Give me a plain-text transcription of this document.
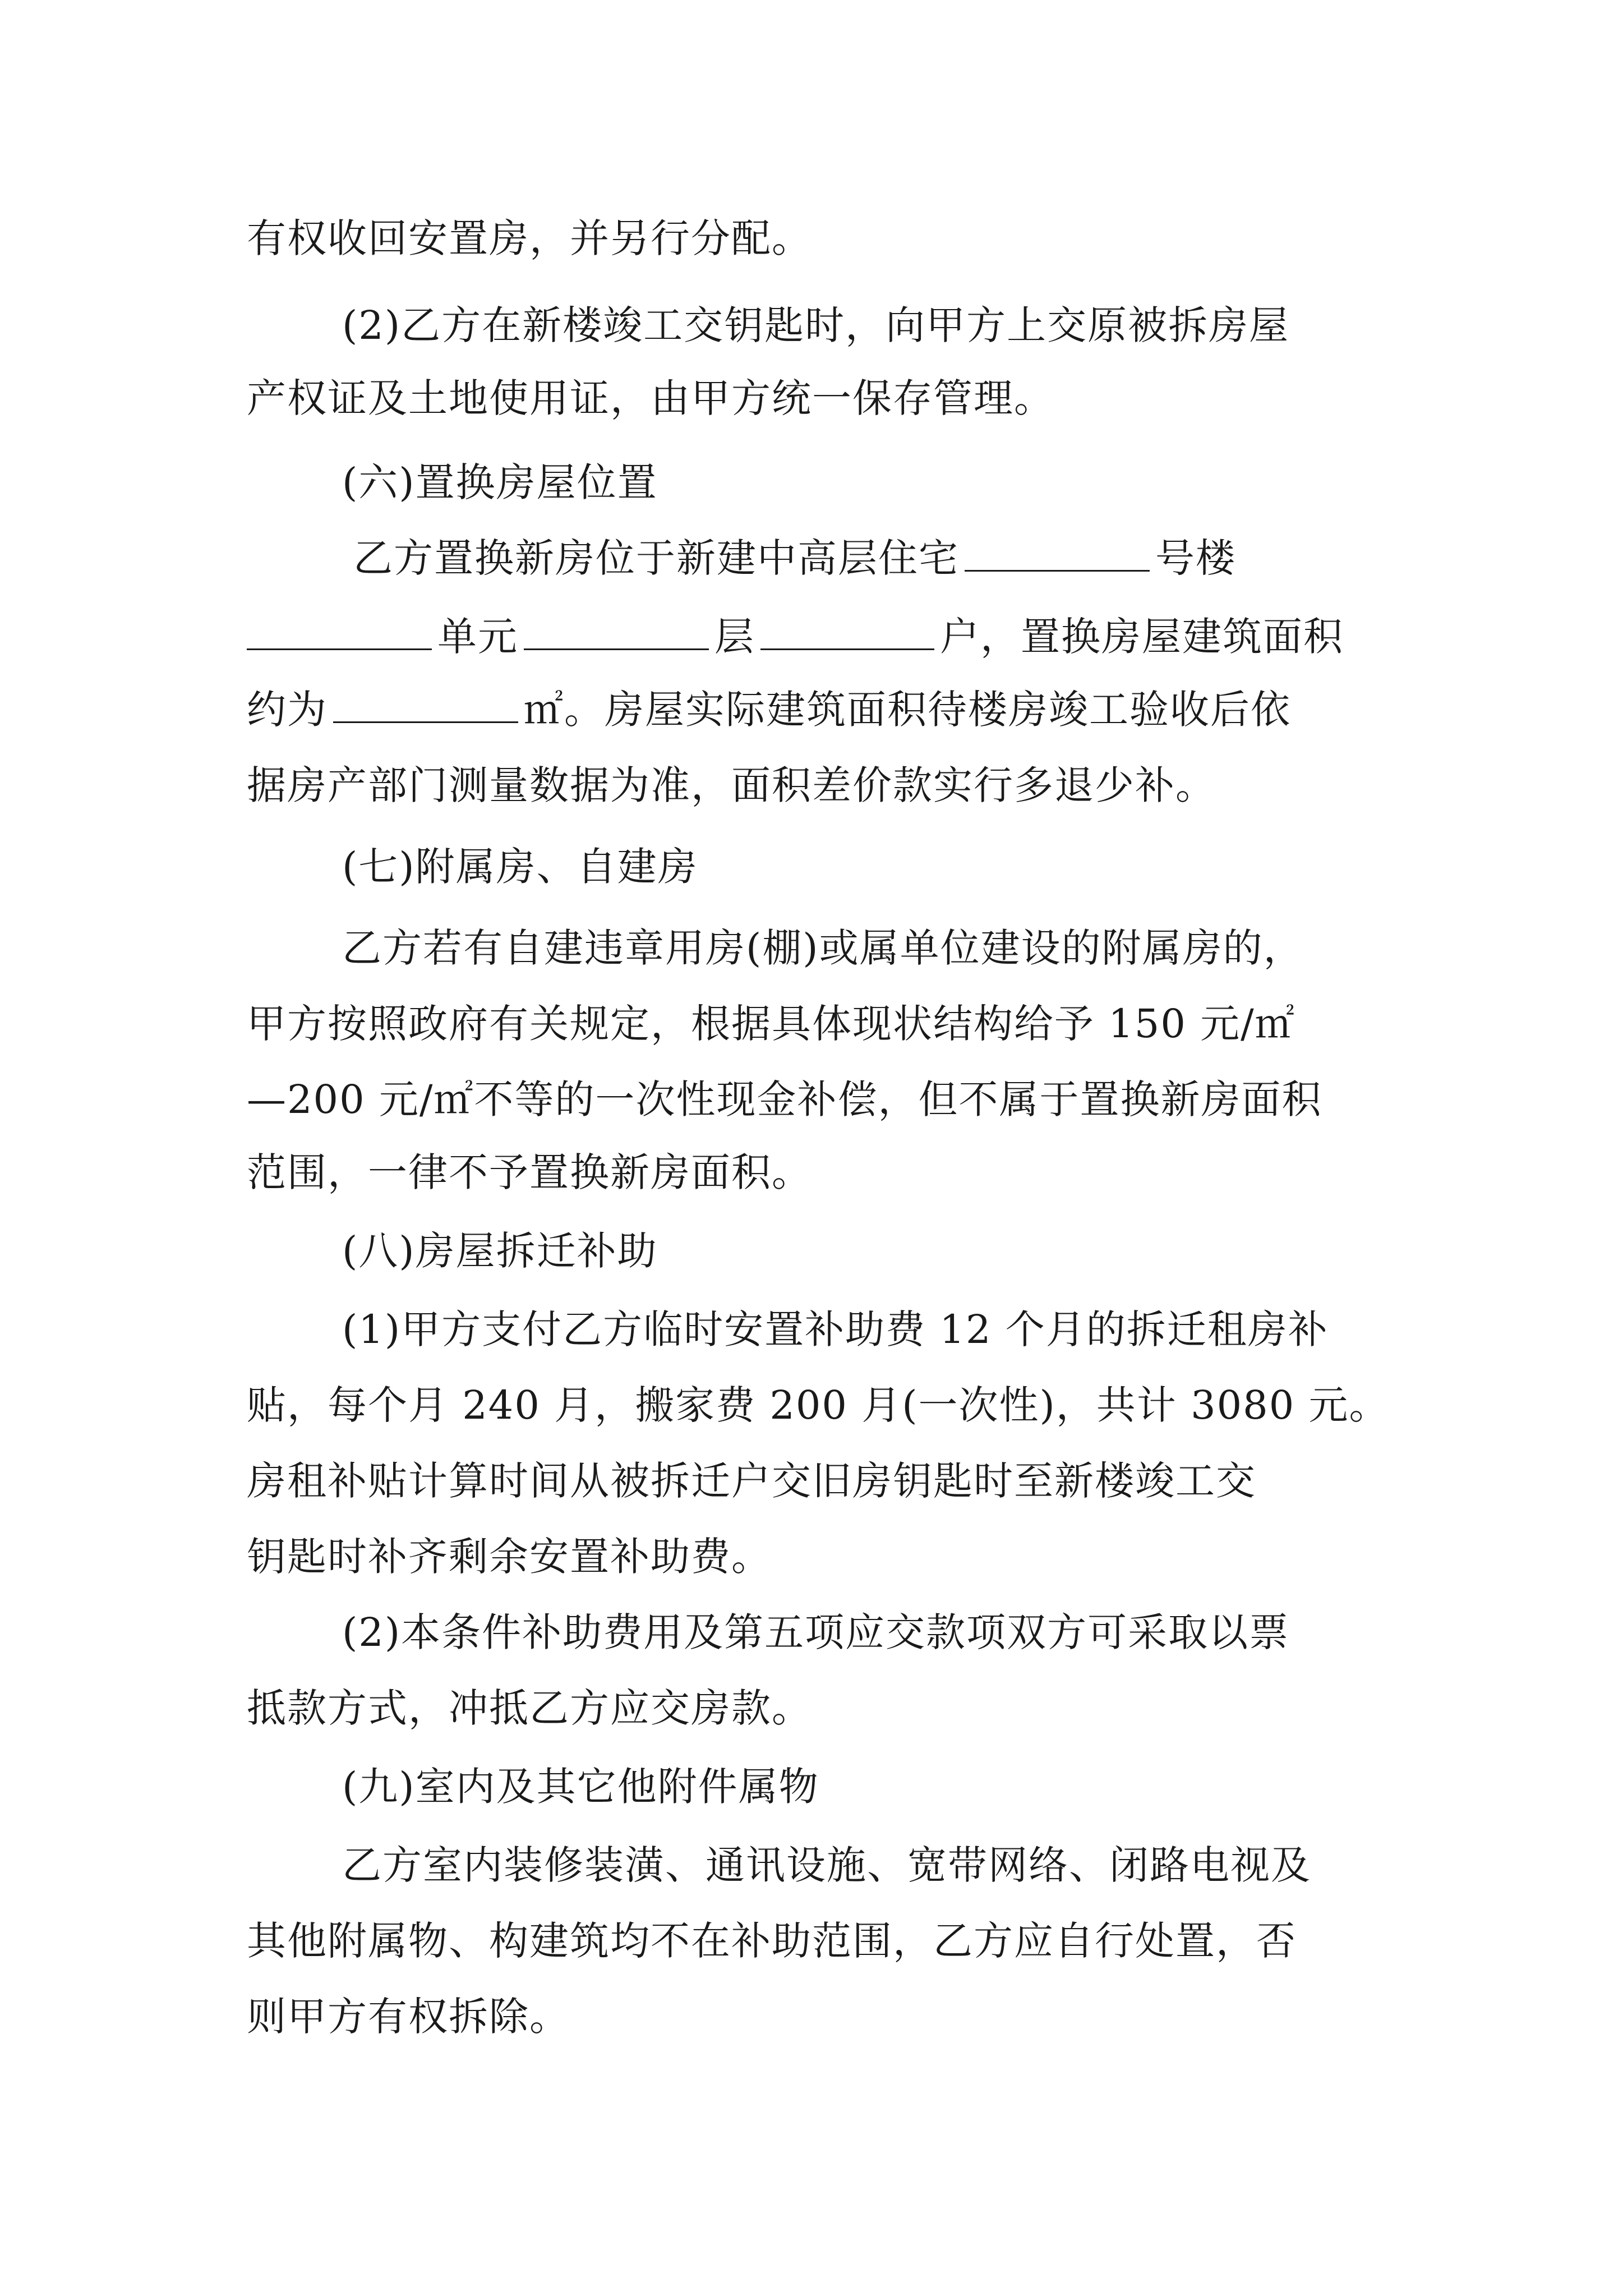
有权收回安置房，并另行分配。
(2)乙方在新楼竣工交钥匙时，向甲方上交原被拆房屋
产权证及土地使用证，由甲方统一保存管理。
(六)置换房屋位置
乙方置换新房位于新建中高层住宅	号楼
单元	层	户，置换房屋建筑面积
约为	㎡。房屋实际建筑面积待楼房竣工验收后依
据房产部门测量数据为准，面积差价款实行多退少补。
(七)附属房、自建房
乙方若有自建违章用房(棚)或属单位建设的附属房的，
甲方按照政府有关规定，根据具体现状结构给予 150 元/㎡
—200 元/㎡不等的一次性现金补偿，但不属于置换新房面积
范围，一律不予置换新房面积。
(八)房屋拆迁补助
(1)甲方支付乙方临时安置补助费 12 个月的拆迁租房补
贴，每个月 240 月，搬家费 200 月(一次性)，共计 3080 元。
房租补贴计算时间从被拆迁户交旧房钥匙时至新楼竣工交
钥匙时补齐剩余安置补助费。
(2)本条件补助费用及第五项应交款项双方可采取以票
抵款方式，冲抵乙方应交房款。
(九)室内及其它他附件属物
乙方室内装修装潢、通讯设施、宽带网络、闭路电视及
其他附属物、构建筑均不在补助范围，乙方应自行处置，否
则甲方有权拆除。
